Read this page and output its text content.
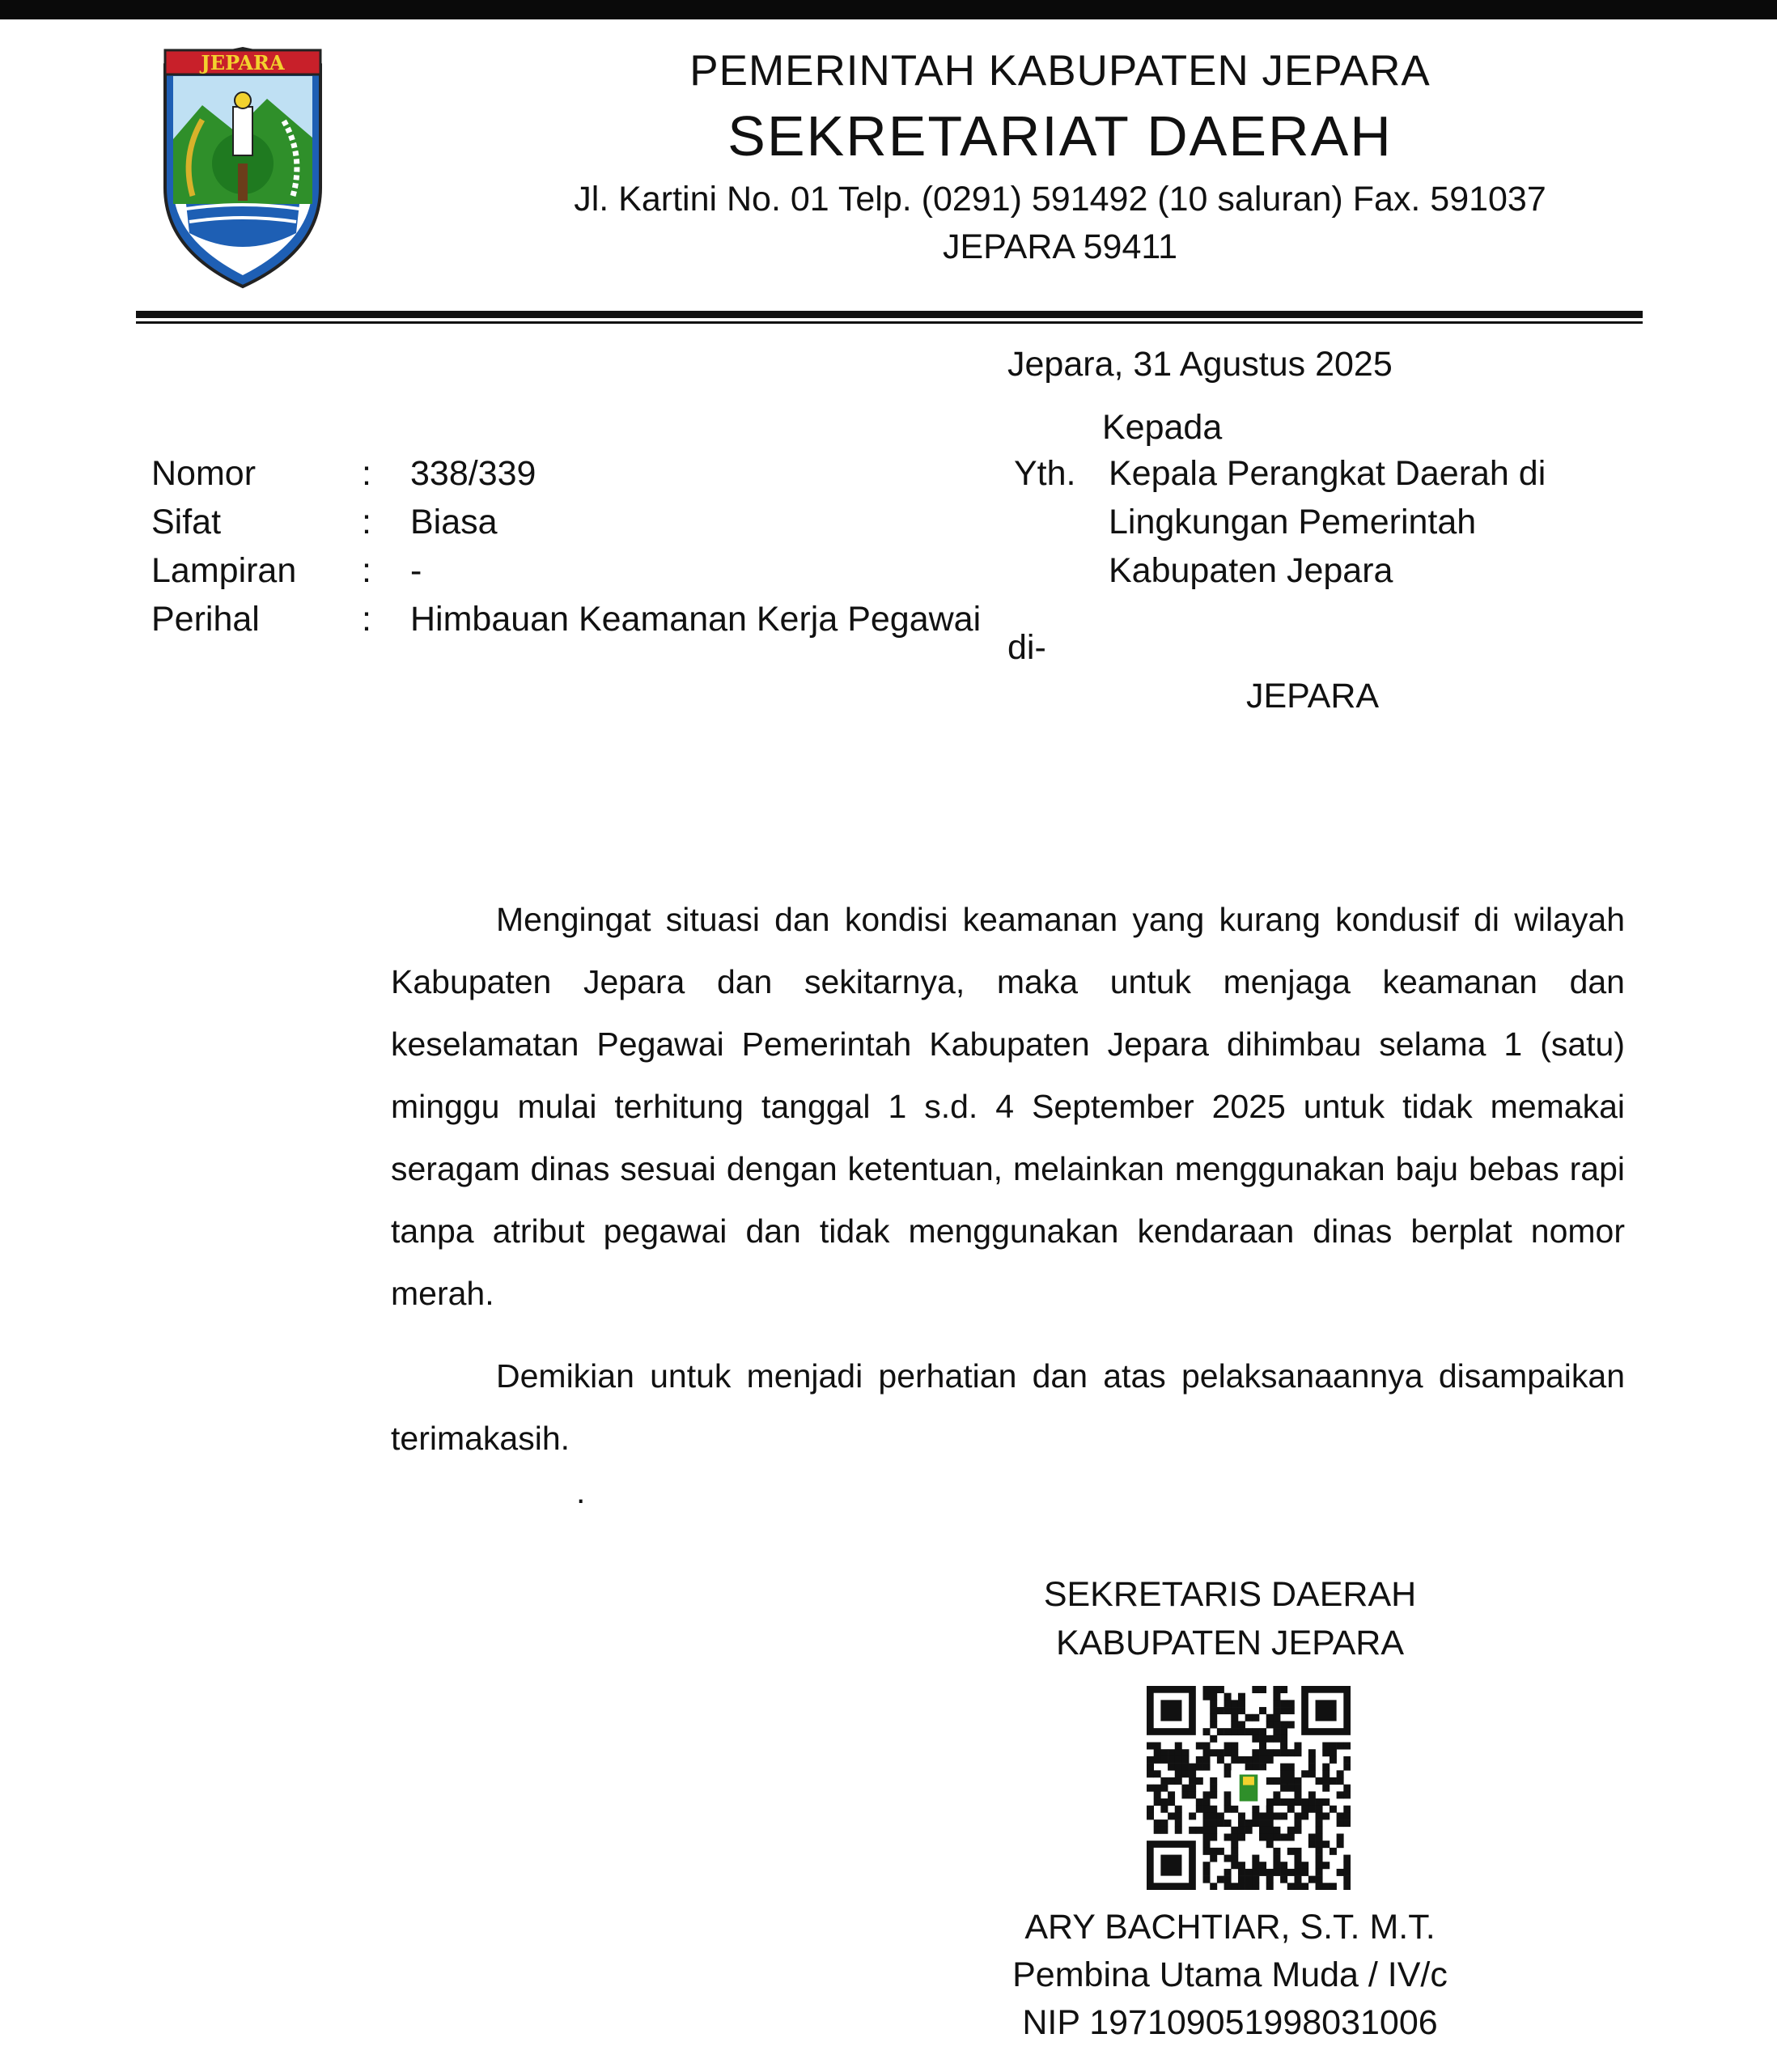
JEPARA	PEMERINTAH KABUPATEN JEPARA
SEKRETARIAT DAERAH
Jl. Kartini No. 01 Telp. (0291) 591492 (10 saluran) Fax. 591037
JEPARA 59411
Jepara, 31 Agustus 2025
Kepada
Yth. Kepala Perangkat Daerah di
Lingkungan Pemerintah
Kabupaten Jepara
di-
JEPARA
Nomor	: 338/339
Sifat	: Biasa
Lampiran : -
Perihal	: Himbauan Keamanan Kerja Pegawai

Mengingat situasi dan kondisi keamanan yang kurang kondusif di wilayah Kabupaten Jepara dan sekitarnya, maka untuk menjaga keamanan dan keselamatan Pegawai Pemerintah Kabupaten Jepara dihimbau selama 1 (satu) minggu mulai terhitung tanggal 1 s.d. 4 September 2025 untuk tidak memakai seragam dinas sesuai dengan ketentuan, melainkan menggunakan baju bebas rapi tanpa atribut pegawai dan tidak menggunakan kendaraan dinas berplat nomor merah.

Demikian untuk menjadi perhatian dan atas pelaksanaannya disampaikan terimakasih.

.
SEKRETARIS DAERAH
KABUPATEN JEPARA
ARY BACHTIAR, S.T. M.T.
Pembina Utama Muda / IV/c
NIP 197109051998031006
